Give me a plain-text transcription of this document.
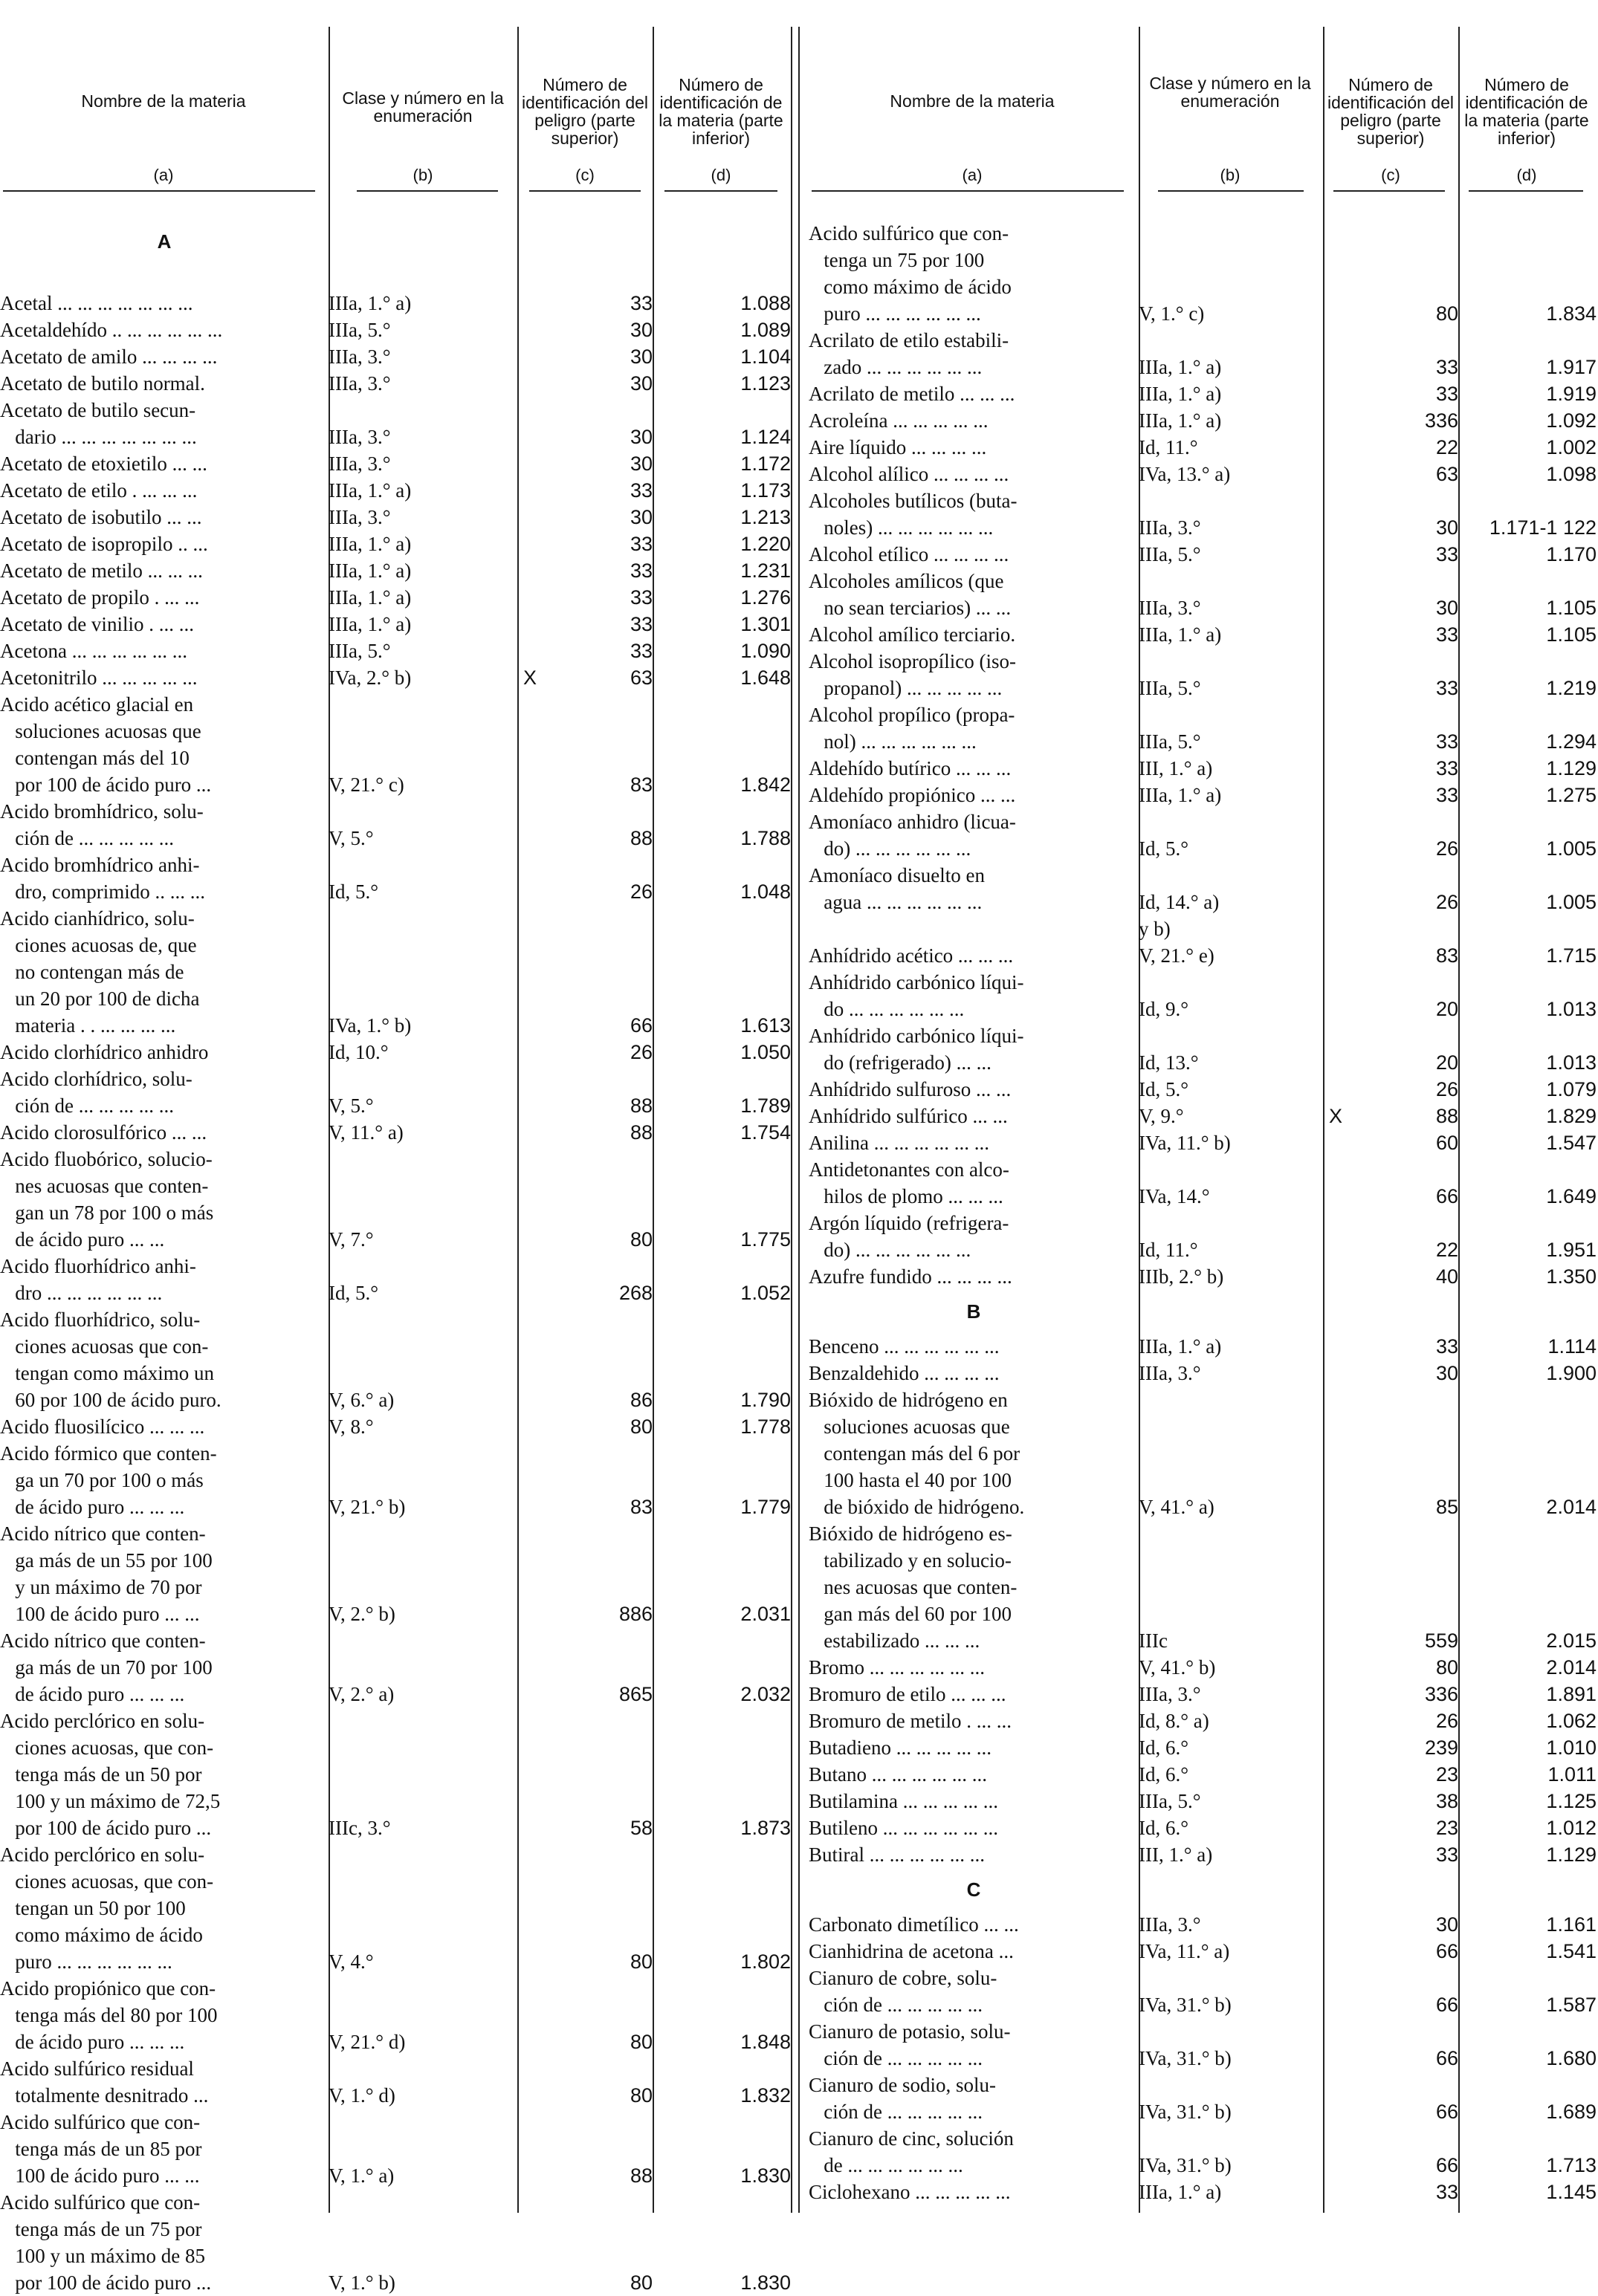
Nombre de la materia
(a)
Clase y número en la enumeración
(b)
Número de identificación del peligro (parte superior)
(c)
Número de identificación de la materia (parte inferior)
(d)

A			

Acetal ... ... ... ... ... ... ...	IIIa, 1.° a)	33	1.088
Acetaldehído .. ... ... ... ... ...	IIIa, 5.°	30	1.089
Acetato de amilo ... ... ... ...	IIIa, 3.°	30	1.104
Acetato de butilo normal.	IIIa, 3.°	30	1.123
Acetato de butilo secun-			
dario ... ... ... ... ... ... ...	IIIa, 3.°	30	1.124
Acetato de etoxietilo ... ...	IIIa, 3.°	30	1.172
Acetato de etilo . ... ... ...	IIIa, 1.° a)	33	1.173
Acetato de isobutilo ... ...	IIIa, 3.°	30	1.213
Acetato de isopropilo .. ...	IIIa, 1.° a)	33	1.220
Acetato de metilo ... ... ...	IIIa, 1.° a)	33	1.231
Acetato de propilo . ... ...	IIIa, 1.° a)	33	1.276
Acetato de vinilio . ... ...	IIIa, 1.° a)	33	1.301
Acetona ... ... ... ... ... ...	IIIa, 5.°	33	1.090
Acetonitrilo ... ... ... ... ...	IVa, 2.° b)	X 63	1.648
Acido acético glacial en			
soluciones acuosas que			
contengan más del 10			
por 100 de ácido puro ...	V, 21.° c)	83	1.842
Acido bromhídrico, solu-			
ción de ... ... ... ... ...	V, 5.°	88	1.788
Acido bromhídrico anhi-			
dro, comprimido .. ... ...	Id, 5.°	26	1.048
Acido cianhídrico, solu-			
ciones acuosas de, que			
no contengan más de			
un 20 por 100 de dicha			
materia . . ... ... ... ...	IVa, 1.° b)	66	1.613
Acido clorhídrico anhidro	Id, 10.°	26	1.050
Acido clorhídrico, solu-			
ción de ... ... ... ... ...	V, 5.°	88	1.789
Acido clorosulfórico ... ...	V, 11.° a)	88	1.754
Acido fluobórico, solucio-			
nes acuosas que conten-			
gan un 78 por 100 o más			
de ácido puro ... ...	V, 7.°	80	1.775
Acido fluorhídrico anhi-			
dro ... ... ... ... ... ...	Id, 5.°	268	1.052
Acido fluorhídrico, solu-			
ciones acuosas que con-			
tengan como máximo un			
60 por 100 de ácido puro.	V, 6.° a)	86	1.790
Acido fluosilícico ... ... ...	V, 8.°	80	1.778
Acido fórmico que conten-			
ga un 70 por 100 o más			
de ácido puro ... ... ...	V, 21.° b)	83	1.779
Acido nítrico que conten-			
ga más de un 55 por 100			
y un máximo de 70 por			
100 de ácido puro ... ...	V, 2.° b)	886	2.031
Acido nítrico que conten-			
ga más de un 70 por 100			
de ácido puro ... ... ...	V, 2.° a)	865	2.032
Acido perclórico en solu-			
ciones acuosas, que con-			
tenga más de un 50 por			
100 y un máximo de 72,5			
por 100 de ácido puro ...	IIIc, 3.°	58	1.873
Acido perclórico en solu-			
ciones acuosas, que con-			
tengan un 50 por 100			
como máximo de ácido			
puro ... ... ... ... ... ...	V, 4.°	80	1.802
Acido propiónico que con-			
tenga más del 80 por 100			
de ácido puro ... ... ...	V, 21.° d)	80	1.848
Acido sulfúrico residual			
totalmente desnitrado ...	V, 1.° d)	80	1.832
Acido sulfúrico que con-			
tenga más de un 85 por			
100 de ácido puro ... ...	V, 1.° a)	88	1.830
Acido sulfúrico que con-			
tenga más de un 75 por			
100 y un máximo de 85			
por 100 de ácido puro ...	V, 1.° b)	80	1.830
Nombre de la materia
(a)
Clase y número en la enumeración
(b)
Número de identificación del peligro (parte superior)
(c)
Número de identificación de la materia (parte inferior)
(d)

Acido sulfúrico que con-			
tenga un 75 por 100			
como máximo de ácido			
puro ... ... ... ... ... ...	V, 1.° c)	80	1.834
Acrilato de etilo estabili-			
zado ... ... ... ... ... ...	IIIa, 1.° a)	33	1.917
Acrilato de metilo ... ... ...	IIIa, 1.° a)	33	1.919
Acroleína ... ... ... ... ...	IIIa, 1.° a)	336	1.092
Aire líquido ... ... ... ...	Id, 11.°	22	1.002
Alcohol alílico ... ... ... ...	IVa, 13.° a)	63	1.098
Alcoholes butílicos (buta-			
noles) ... ... ... ... ... ...	IIIa, 3.°	30	1.171-1 122
Alcohol etílico ... ... ... ...	IIIa, 5.°	33	1.170
Alcoholes amílicos (que			
no sean terciarios) ... ...	IIIa, 3.°	30	1.105
Alcohol amílico terciario.	IIIa, 1.° a)	33	1.105
Alcohol isopropílico (iso-			
propanol) ... ... ... ... ...	IIIa, 5.°	33	1.219
Alcohol propílico (propa-			
nol) ... ... ... ... ... ...	IIIa, 5.°	33	1.294
Aldehído butírico ... ... ...	III, 1.° a)	33	1.129
Aldehído propiónico ... ...	IIIa, 1.° a)	33	1.275
Amoníaco anhidro (licua-			
do) ... ... ... ... ... ...	Id, 5.°	26	1.005
Amoníaco disuelto en			
agua ... ... ... ... ... ...	Id, 14.° a)	26	1.005
	y b)		
Anhídrido acético ... ... ...	V, 21.° e)	83	1.715
Anhídrido carbónico líqui-			
do ... ... ... ... ... ...	Id, 9.°	20	1.013
Anhídrido carbónico líqui-			
do (refrigerado) ... ...	Id, 13.°	20	1.013
Anhídrido sulfuroso ... ...	Id, 5.°	26	1.079
Anhídrido sulfúrico ... ...	V, 9.°	X 88	1.829
Anilina ... ... ... ... ... ...	IVa, 11.° b)	60	1.547
Antidetonantes con alco-			
hilos de plomo ... ... ...	IVa, 14.°	66	1.649
Argón líquido (refrigera-			
do) ... ... ... ... ... ...	Id, 11.°	22	1.951
Azufre fundido ... ... ... ...	IIIb, 2.° b)	40	1.350
B			
Benceno ... ... ... ... ... ...	IIIa, 1.° a)	33	1.114
Benzaldehido ... ... ... ...	IIIa, 3.°	30	1.900
Bióxido de hidrógeno en			
soluciones acuosas que			
contengan más del 6 por			
100 hasta el 40 por 100			
de bióxido de hidrógeno.	V, 41.° a)	85	2.014
Bióxido de hidrógeno es-			
tabilizado y en solucio-			
nes acuosas que conten-			
gan más del 60 por 100			
estabilizado ... ... ...	IIIc	559	2.015
Bromo ... ... ... ... ... ...	V, 41.° b)	80	2.014
Bromuro de etilo ... ... ...	IIIa, 3.°	336	1.891
Bromuro de metilo . ... ...	Id, 8.° a)	26	1.062
Butadieno ... ... ... ... ...	Id, 6.°	239	1.010
Butano ... ... ... ... ... ...	Id, 6.°	23	1.011
Butilamina ... ... ... ... ...	IIIa, 5.°	38	1.125
Butileno ... ... ... ... ... ...	Id, 6.°	23	1.012
Butiral ... ... ... ... ... ...	III, 1.° a)	33	1.129
C			
Carbonato dimetílico ... ...	IIIa, 3.°	30	1.161
Cianhidrina de acetona ...	IVa, 11.° a)	66	1.541
Cianuro de cobre, solu-			
ción de ... ... ... ... ...	IVa, 31.° b)	66	1.587
Cianuro de potasio, solu-			
ción de ... ... ... ... ...	IVa, 31.° b)	66	1.680
Cianuro de sodio, solu-			
ción de ... ... ... ... ...	IVa, 31.° b)	66	1.689
Cianuro de cinc, solución			
de ... ... ... ... ... ...	IVa, 31.° b)	66	1.713
Ciclohexano ... ... ... ... ...	IIIa, 1.° a)	33	1.145
